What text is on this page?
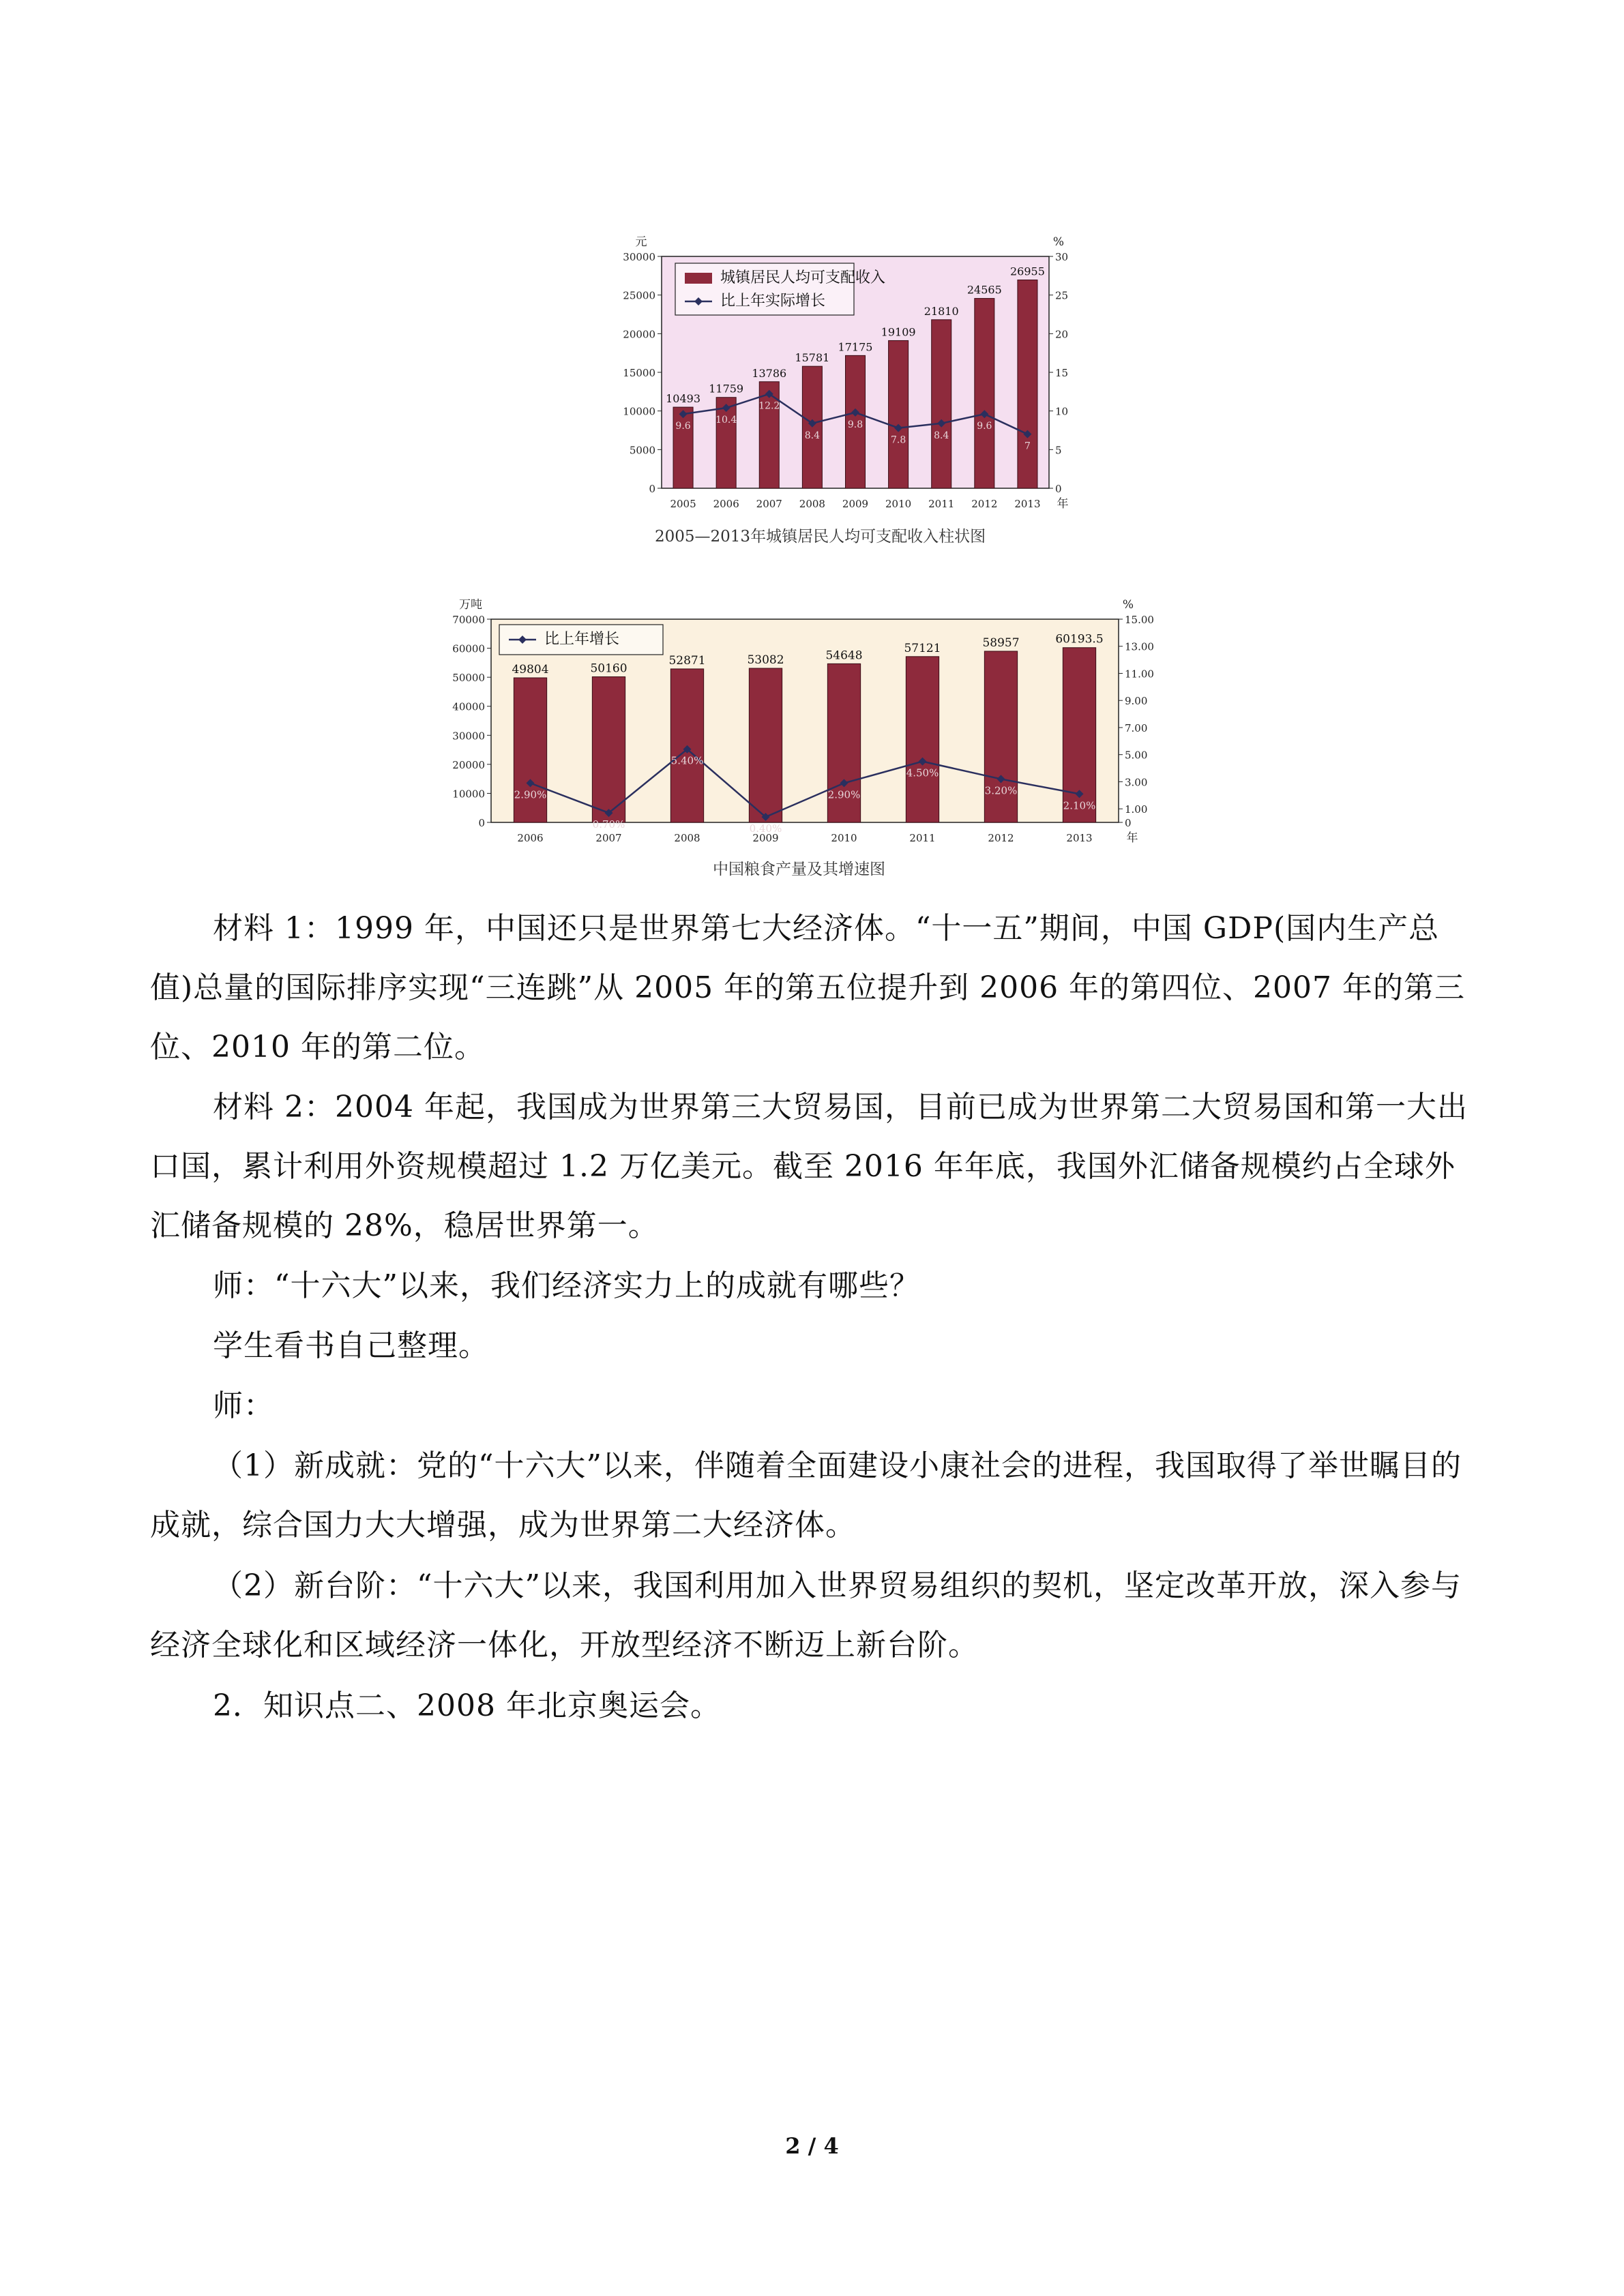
0
5000
10000
15000
20000
25000
30000
0
5
10
15
20
25
30
元	%
年
10493
2005
11759
2006
13786
2007
15781
2008
17175
2009
19109
2010
21810
2011
24565
2012
26955
2013
9.6
10.4
12.2
8.4
9.8
7.8	8.4
9.6
7
城镇居民人均可支配收入
比上年实际增长
2005—2013年城镇居民人均可支配收入柱状图
0
10000
20000
30000
40000
50000
60000
70000
0
1.00
3.00
5.00
7.00
9.00
11.00
13.00
15.00
万吨	%
年
49804
2006
50160
2007
52871
2008
53082
2009
54648
2010
57121
2011
58957
2012
60193.5
2013
2.90%
0.70%
5.40%
0.40%
2.90%
4.50%
3.20%
2.10%
比上年增长
中国粮食产量及其增速图

材料 1：1999 年，中国还只是世界第七大经济体。“十一五”期间，中国 GDP(国内生产总值)总量的国际排序实现“三连跳”从 2005 年的第五位提升到 2006 年的第四位、2007 年的第三位、2010 年的第二位。

材料 2：2004 年起，我国成为世界第三大贸易国，目前已成为世界第二大贸易国和第一大出口国，累计利用外资规模超过 1.2 万亿美元。截至 2016 年年底，我国外汇储备规模约占全球外汇储备规模的 28%，稳居世界第一。

师：“十六大”以来，我们经济实力上的成就有哪些？

学生看书自己整理。

师：

（1）新成就：党的“十六大”以来，伴随着全面建设小康社会的进程，我国取得了举世瞩目的成就，综合国力大大增强，成为世界第二大经济体。

（2）新台阶：“十六大”以来，我国利用加入世界贸易组织的契机，坚定改革开放，深入参与经济全球化和区域经济一体化，开放型经济不断迈上新台阶。

2．知识点二、2008 年北京奥运会。

2 / 4
